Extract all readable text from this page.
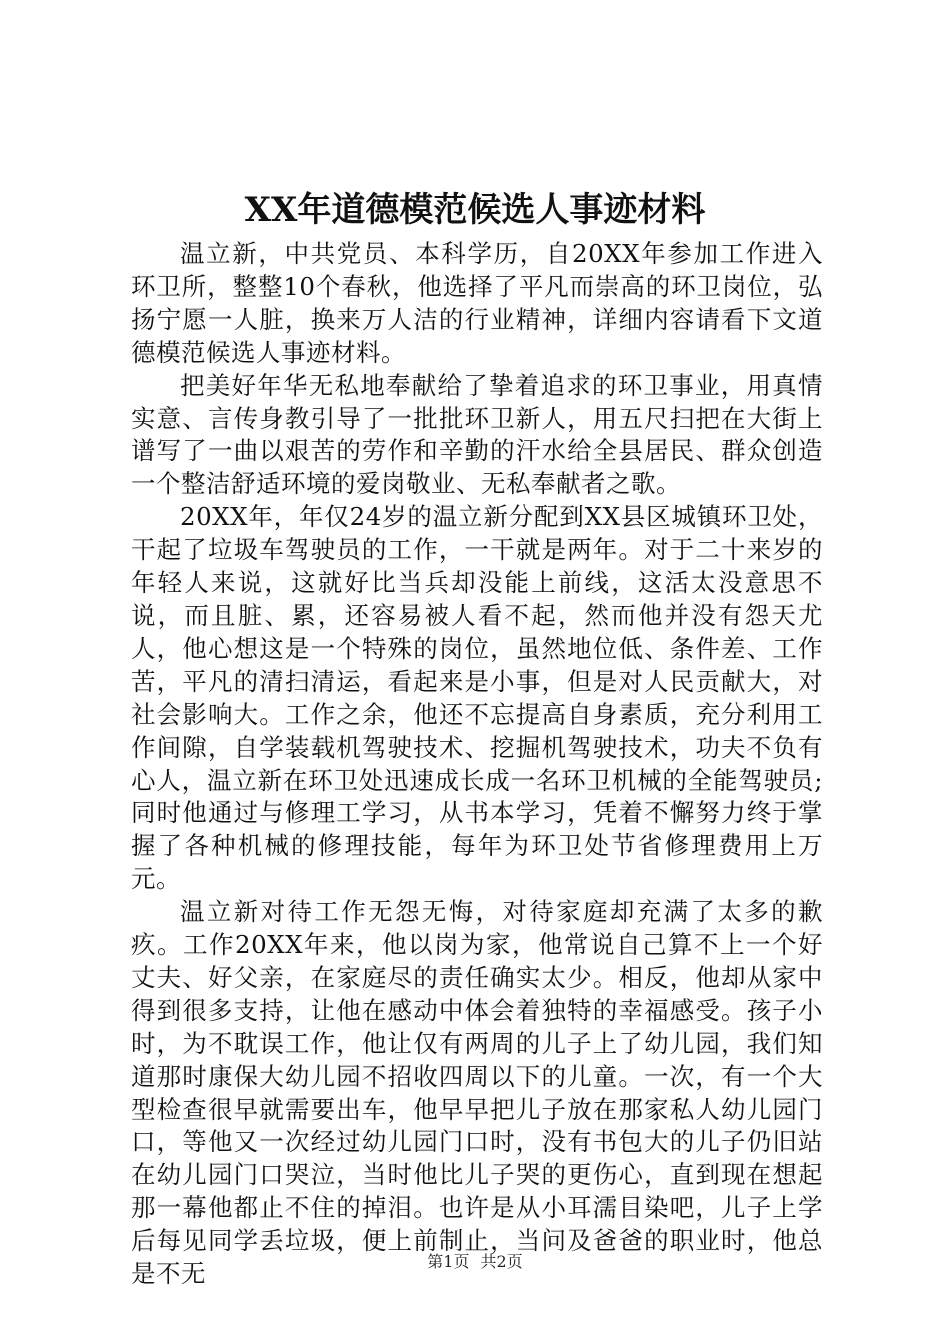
XX年道德模范候选人事迹材料

温立新，中共党员、本科学历，自20XX年参加工作进入环卫所，整整10个春秋，他选择了平凡而崇高的环卫岗位，弘扬宁愿一人脏，换来万人洁的行业精神，详细内容请看下文道德模范候选人事迹材料。

把美好年华无私地奉献给了挚着追求的环卫事业，用真情实意、言传身教引导了一批批环卫新人，用五尺扫把在大街上谱写了一曲以艰苦的劳作和辛勤的汗水给全县居民、群众创造一个整洁舒适环境的爱岗敬业、无私奉献者之歌。

20XX年，年仅24岁的温立新分配到XX县区城镇环卫处，干起了垃圾车驾驶员的工作，一干就是两年。对于二十来岁的年轻人来说，这就好比当兵却没能上前线，这活太没意思不说，而且脏、累，还容易被人看不起，然而他并没有怨天尤人，他心想这是一个特殊的岗位，虽然地位低、条件差、工作苦，平凡的清扫清运，看起来是小事，但是对人民贡献大，对社会影响大。工作之余，他还不忘提高自身素质，充分利用工作间隙，自学装载机驾驶技术、挖掘机驾驶技术，功夫不负有心人，温立新在环卫处迅速成长成一名环卫机械的全能驾驶员;同时他通过与修理工学习，从书本学习，凭着不懈努力终于掌握了各种机械的修理技能，每年为环卫处节省修理费用上万元。

温立新对待工作无怨无悔，对待家庭却充满了太多的歉疚。工作20XX年来，他以岗为家，他常说自己算不上一个好丈夫、好父亲，在家庭尽的责任确实太少。相反，他却从家中得到很多支持，让他在感动中体会着独特的幸福感受。孩子小时，为不耽误工作，他让仅有两周的儿子上了幼儿园，我们知道那时康保大幼儿园不招收四周以下的儿童。一次，有一个大型检查很早就需要出车，他早早把儿子放在那家私人幼儿园门口，等他又一次经过幼儿园门口时，没有书包大的儿子仍旧站在幼儿园门口哭泣，当时他比儿子哭的更伤心，直到现在想起那一幕他都止不住的掉泪。也许是从小耳濡目染吧，儿子上学后每见同学丢垃圾，便上前制止，当问及爸爸的职业时，他总是不无	第1页 共2页
